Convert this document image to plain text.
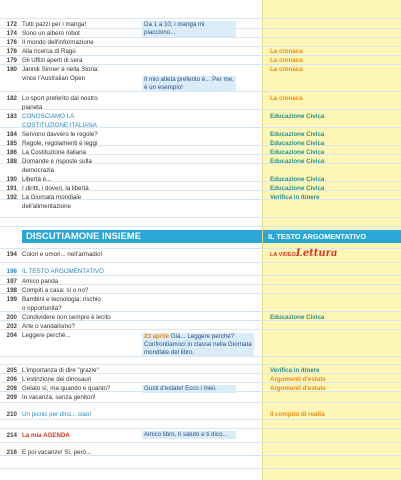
172 Tutti pazzi per i manga!
174 Sono un albero robot
176 Il mondo dell'informazione
178 Alla ricerca di Ragù
179 Gli Uffizi aperti di sera
180 Jannik Sinner è nella Storia:
vince l'Australian Open
182 Lo sport preferito dal nostro
pianeta
183 CONOSCIAMO LA
COSTITUZIONE ITALIANA
184 Servono davvero le regole?
185 Regole, regolamenti e leggi
186 La Costituzione italiana
188 Domande e risposte sulla
democrazia
190 Libertà è...
191 I diritti, i doveri, la libertà
192 La Giornata mondiale
dell'alimentazione
DISCUTIAMONE INSIEME	IL TESTO ARGOMENTATIVO
194 Colori e umori... nell'armadio!
196 IL TESTO ARGOMENTATIVO
197 Amico panda
198 Compiti a casa: sì o no?
199 Bambini e tecnologia: rischio
o opportunità?
200 Condividere non sempre è lecito
202 Arte o vandalismo?
204 Leggere perché...
205 L'importanza di dire "grazie"
206 L'estinzione dei dinosauri
208 Gelato sì, ma quando e quanto?
209 In vacanza, senza genitori!
210 Un picnic per dirci... ciao!
214 La mia AGENDA
216 E poi vacanze! Sì, però...
Da 1 a 10, i manga mi piacciono...
Il mio atleta preferito è... Per me, è un esempio!
23 aprile Già... Leggere perché? Confrontiamoci in classe nella Giornata mondiale del libro.
Gusti d'estate! Ecco i miei.
Amico libro, ti saluto e ti dico...
La cronaca
La cronaca
La cronaca
La cronaca
Educazione Civica
Educazione Civica
Educazione Civica
Educazione Civica
Educazione Civica
Educazione Civica
Educazione Civica
Verifica in itinere
Educazione Civica
Verifica in itinere
Argomenti d'estate
Argomenti d'estate
Il compito di realtà
LA VIDEOLettura
